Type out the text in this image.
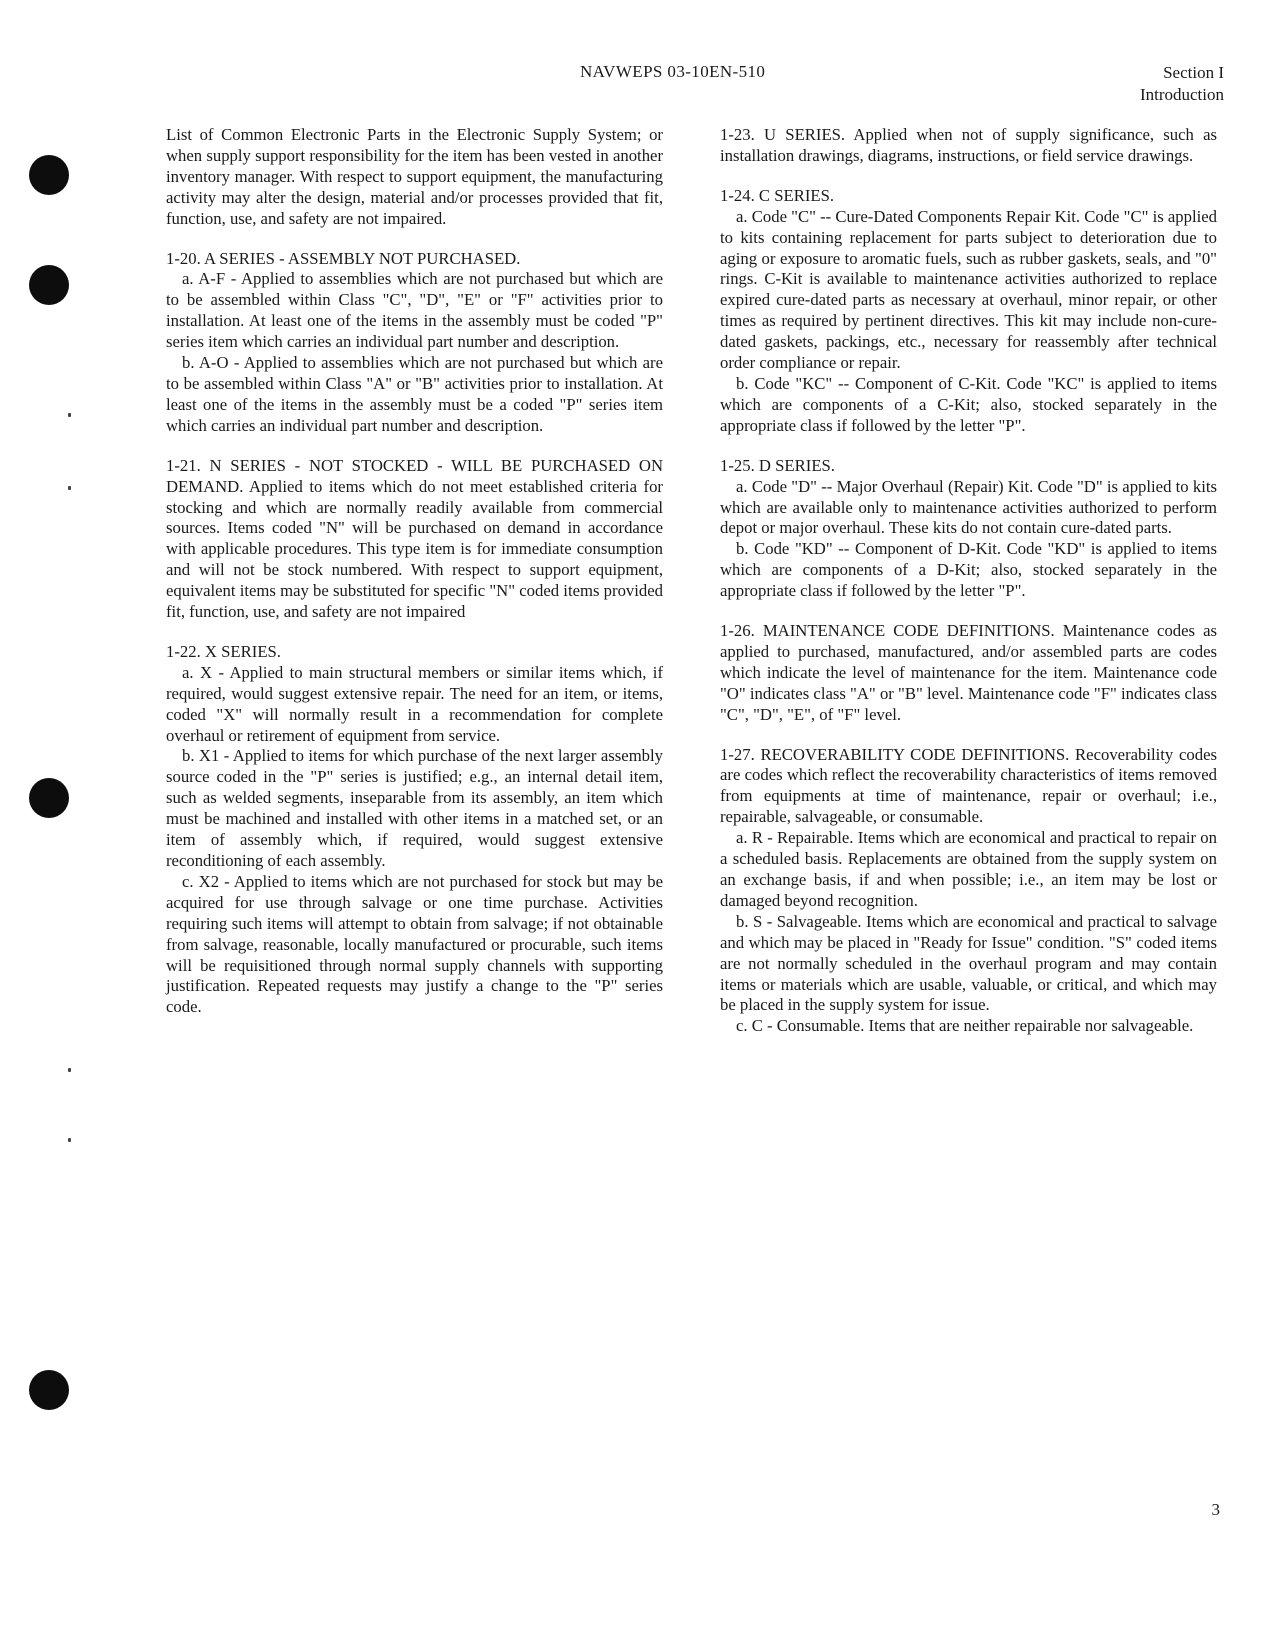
NAVWEPS 03-10EN-510	Section I
Introduction

List of Common Electronic Parts in the Electronic Supply System; or when supply support responsibility for the item has been vested in another inventory manager. With respect to support equipment, the manufacturing activity may alter the design, material and/or processes provided that fit, function, use, and safety are not impaired.

1-20. A SERIES - ASSEMBLY NOT PURCHASED.

a. A-F - Applied to assemblies which are not purchased but which are to be assembled within Class "C", "D", "E" or "F" activities prior to installation. At least one of the items in the assembly must be coded "P" series item which carries an individual part number and description.

b. A-O - Applied to assemblies which are not purchased but which are to be assembled within Class "A" or "B" activities prior to installation. At least one of the items in the assembly must be a coded "P" series item which carries an individual part number and description.

1-21. N SERIES - NOT STOCKED - WILL BE PURCHASED ON DEMAND. Applied to items which do not meet established criteria for stocking and which are normally readily available from commercial sources. Items coded "N" will be purchased on demand in accordance with applicable procedures. This type item is for immediate consumption and will not be stock numbered. With respect to support equipment, equivalent items may be substituted for specific "N" coded items provided fit, function, use, and safety are not impaired

1-22. X SERIES.

a. X - Applied to main structural members or similar items which, if required, would suggest extensive repair. The need for an item, or items, coded "X" will normally result in a recommendation for complete overhaul or retirement of equipment from service.

b. X1 - Applied to items for which purchase of the next larger assembly source coded in the "P" series is justified; e.g., an internal detail item, such as welded segments, inseparable from its assembly, an item which must be machined and installed with other items in a matched set, or an item of assembly which, if required, would suggest extensive reconditioning of each assembly.

c. X2 - Applied to items which are not purchased for stock but may be acquired for use through salvage or one time purchase. Activities requiring such items will attempt to obtain from salvage; if not obtainable from salvage, reasonable, locally manufactured or procurable, such items will be requisitioned through normal supply channels with supporting justification. Repeated requests may justify a change to the "P" series code.

1-23. U SERIES. Applied when not of supply significance, such as installation drawings, diagrams, instructions, or field service drawings.

1-24. C SERIES.

a. Code "C" -- Cure-Dated Components Repair Kit. Code "C" is applied to kits containing replacement for parts subject to deterioration due to aging or exposure to aromatic fuels, such as rubber gaskets, seals, and "0" rings. C-Kit is available to maintenance activities authorized to replace expired cure-dated parts as necessary at overhaul, minor repair, or other times as required by pertinent directives. This kit may include non-cure-dated gaskets, packings, etc., necessary for reassembly after technical order compliance or repair.

b. Code "KC" -- Component of C-Kit. Code "KC" is applied to items which are components of a C-Kit; also, stocked separately in the appropriate class if followed by the letter "P".

1-25. D SERIES.

a. Code "D" -- Major Overhaul (Repair) Kit. Code "D" is applied to kits which are available only to maintenance activities authorized to perform depot or major overhaul. These kits do not contain cure-dated parts.

b. Code "KD" -- Component of D-Kit. Code "KD" is applied to items which are components of a D-Kit; also, stocked separately in the appropriate class if followed by the letter "P".

1-26. MAINTENANCE CODE DEFINITIONS. Maintenance codes as applied to purchased, manufactured, and/or assembled parts are codes which indicate the level of maintenance for the item. Maintenance code "O" indicates class "A" or "B" level. Maintenance code "F" indicates class "C", "D", "E", of "F" level.

1-27. RECOVERABILITY CODE DEFINITIONS. Recoverability codes are codes which reflect the recoverability characteristics of items removed from equipments at time of maintenance, repair or overhaul; i.e., repairable, salvageable, or consumable.

a. R - Repairable. Items which are economical and practical to repair on a scheduled basis. Replacements are obtained from the supply system on an exchange basis, if and when possible; i.e., an item may be lost or damaged beyond recognition.

b. S - Salvageable. Items which are economical and practical to salvage and which may be placed in "Ready for Issue" condition. "S" coded items are not normally scheduled in the overhaul program and may contain items or materials which are usable, valuable, or critical, and which may be placed in the supply system for issue.

c. C - Consumable. Items that are neither repairable nor salvageable.

3
